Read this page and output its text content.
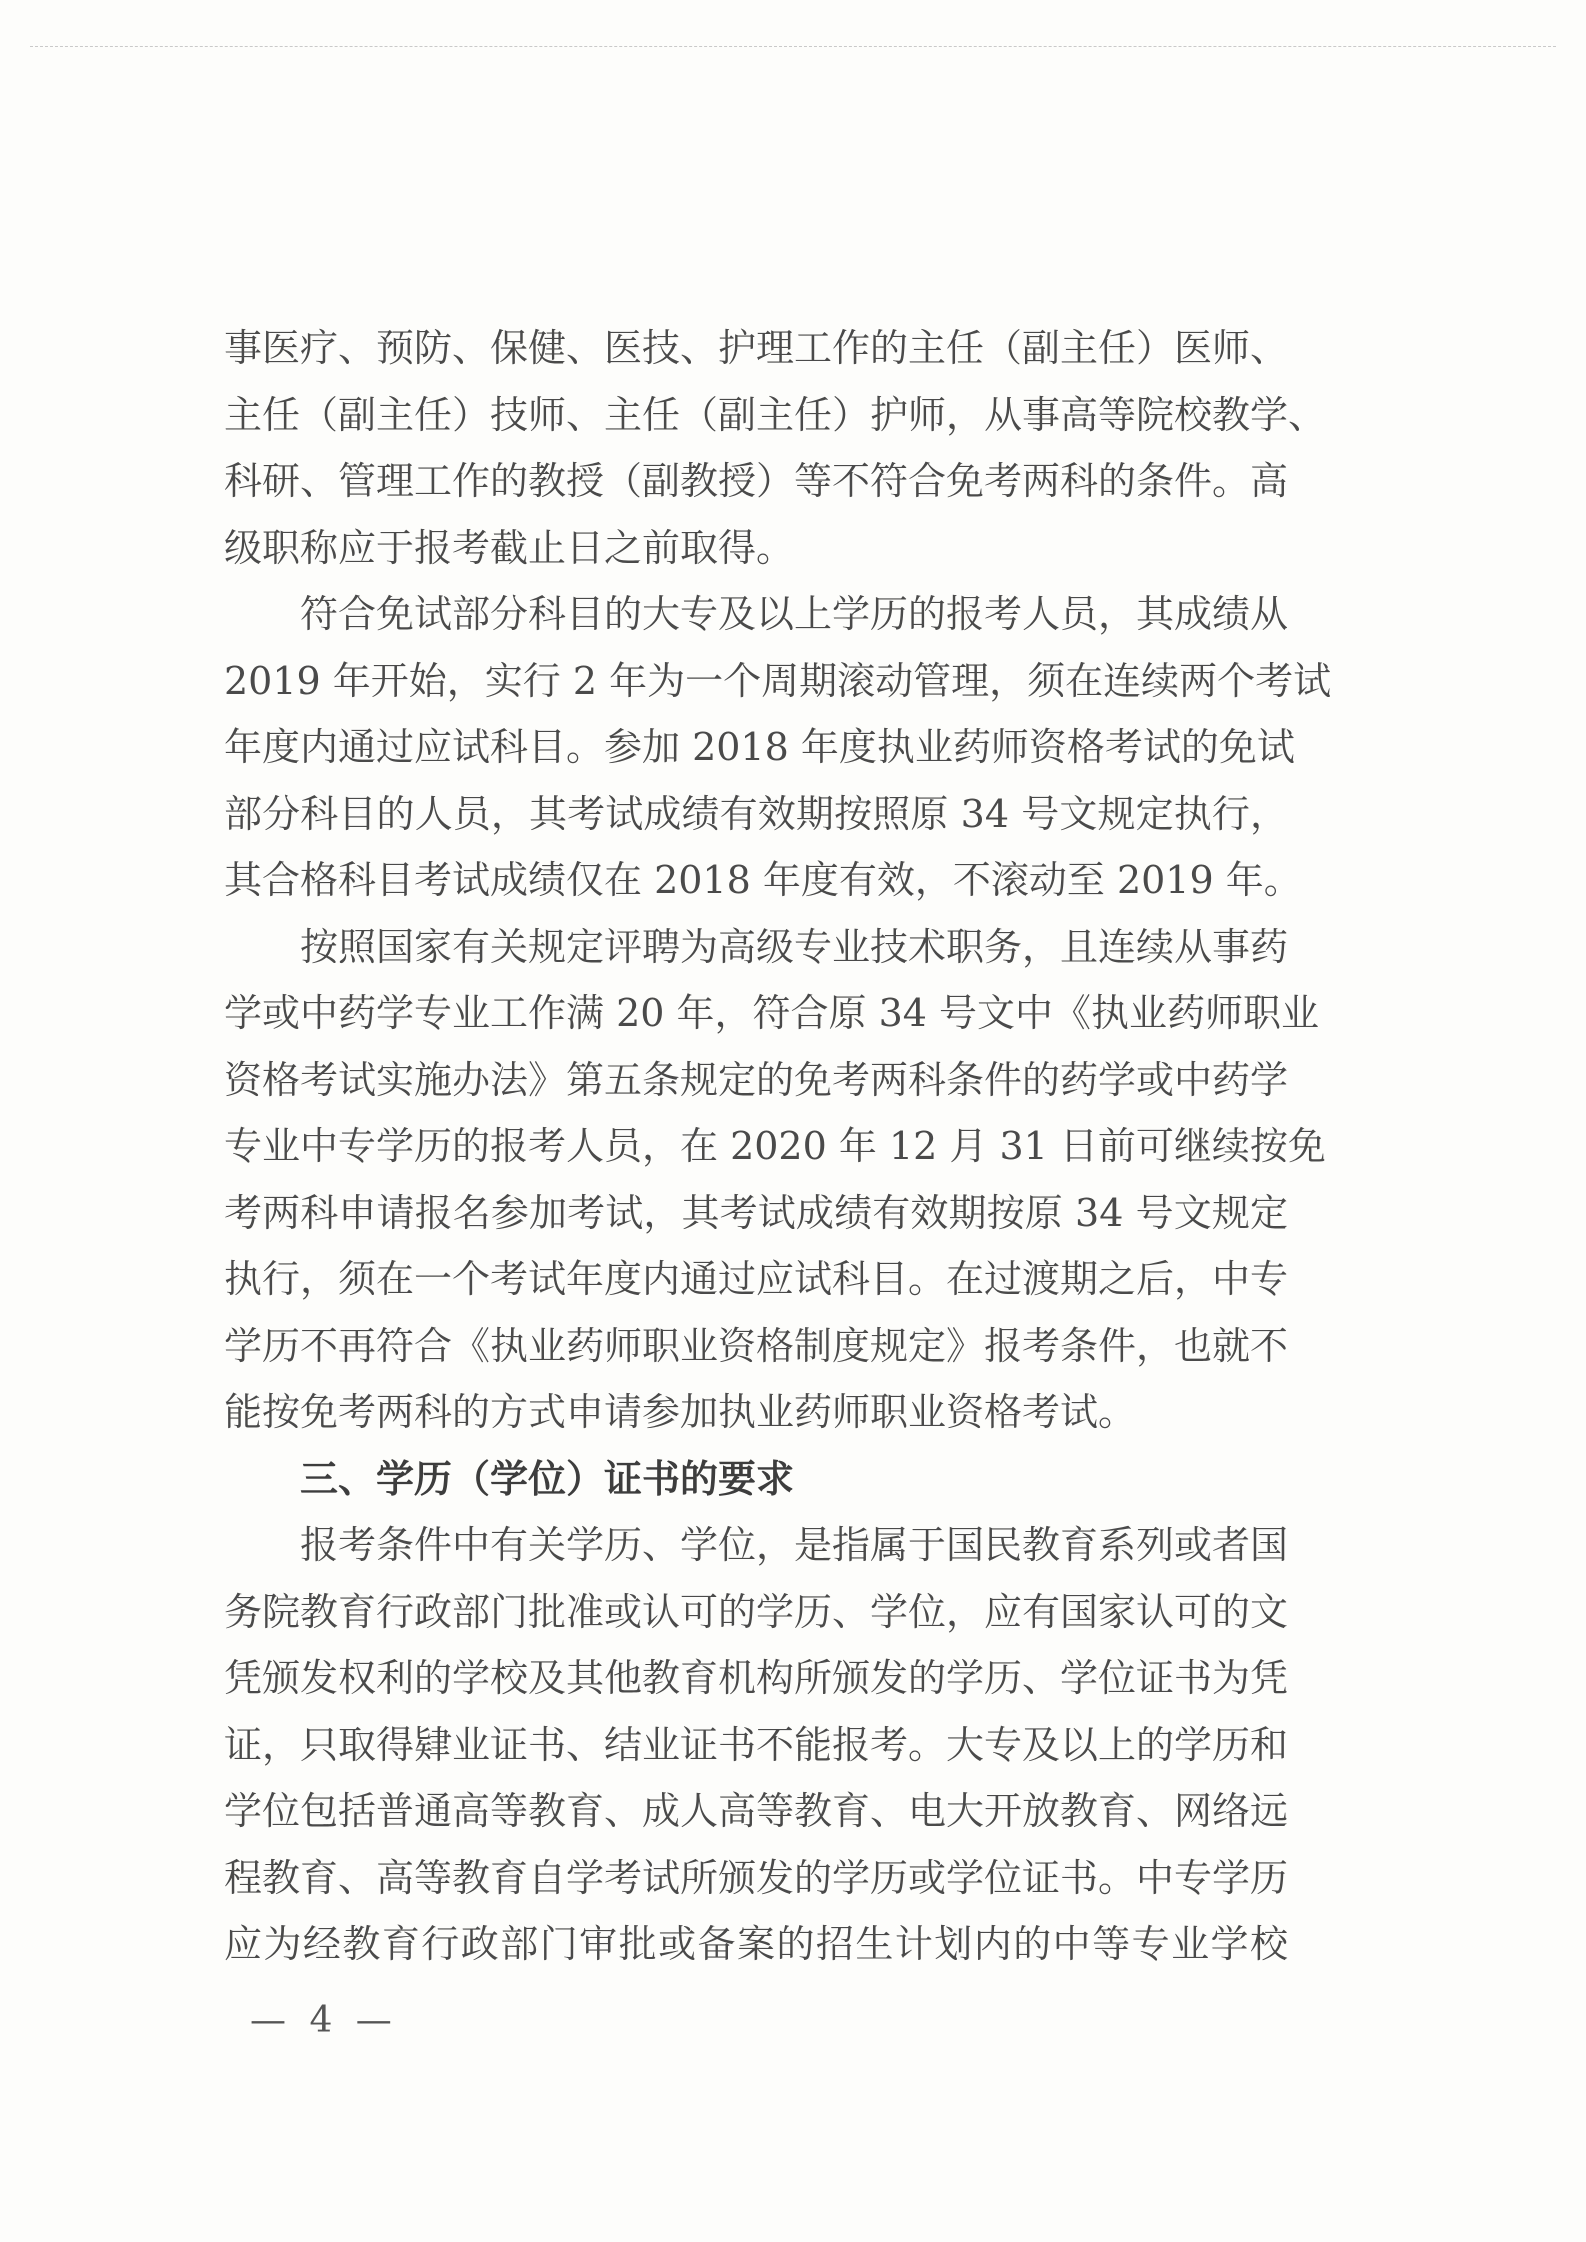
事医疗、预防、保健、医技、护理工作的主任（副主任）医师、
主任（副主任）技师、主任（副主任）护师，从事高等院校教学、
科研、管理工作的教授（副教授）等不符合免考两科的条件。高
级职称应于报考截止日之前取得。
符合免试部分科目的大专及以上学历的报考人员，其成绩从
2019 年开始，实行 2 年为一个周期滚动管理，须在连续两个考试
年度内通过应试科目。参加 2018 年度执业药师资格考试的免试
部分科目的人员，其考试成绩有效期按照原 34 号文规定执行，
其合格科目考试成绩仅在 2018 年度有效，不滚动至 2019 年。
按照国家有关规定评聘为高级专业技术职务，且连续从事药
学或中药学专业工作满 20 年，符合原 34 号文中《执业药师职业
资格考试实施办法》第五条规定的免考两科条件的药学或中药学
专业中专学历的报考人员，在 2020 年 12 月 31 日前可继续按免
考两科申请报名参加考试，其考试成绩有效期按原 34 号文规定
执行，须在一个考试年度内通过应试科目。在过渡期之后，中专
学历不再符合《执业药师职业资格制度规定》报考条件，也就不
能按免考两科的方式申请参加执业药师职业资格考试。
三、学历（学位）证书的要求
报考条件中有关学历、学位，是指属于国民教育系列或者国
务院教育行政部门批准或认可的学历、学位，应有国家认可的文
凭颁发权利的学校及其他教育机构所颁发的学历、学位证书为凭
证，只取得肄业证书、结业证书不能报考。大专及以上的学历和
学位包括普通高等教育、成人高等教育、电大开放教育、网络远
程教育、高等教育自学考试所颁发的学历或学位证书。中专学历
应为经教育行政部门审批或备案的招生计划内的中等专业学校
— 4 —
